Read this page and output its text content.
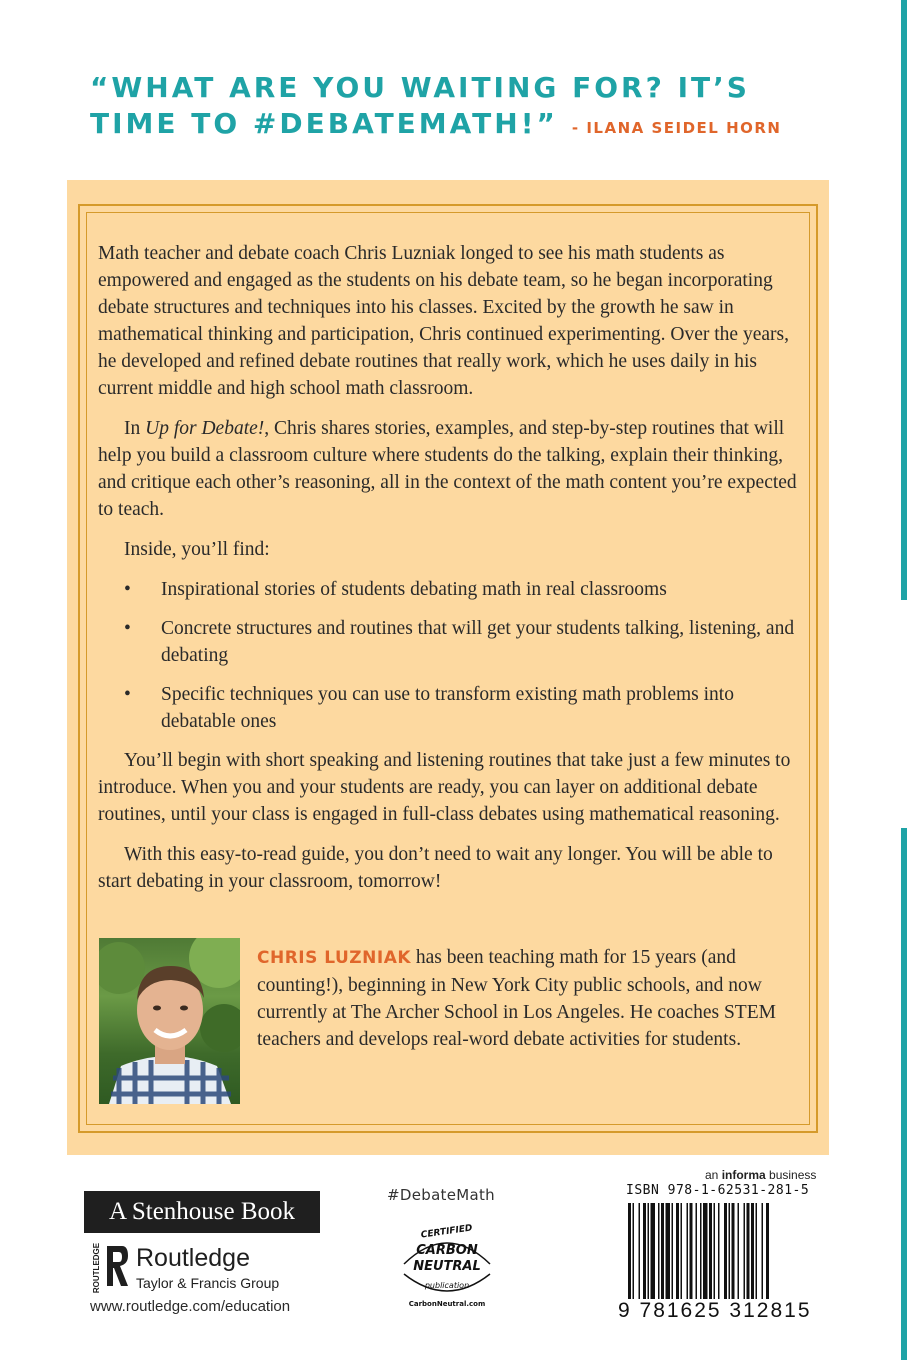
“WHAT ARE YOU WAITING FOR? IT’S TIME TO #DEBATEMATH!” - ILANA SEIDEL HORN

Math teacher and debate coach Chris Luzniak longed to see his math students as empowered and engaged as the students on his debate team, so he began incorporating debate structures and techniques into his classes. Excited by the growth he saw in mathematical thinking and participation, Chris continued experimenting. Over the years, he developed and refined debate routines that really work, which he uses daily in his current middle and high school math classroom.

In Up for Debate!, Chris shares stories, examples, and step-by-step routines that will help you build a classroom culture where students do the talking, explain their thinking, and critique each other’s reasoning, all in the context of the math content you’re expected to teach.

Inside, you’ll find:

• Inspirational stories of students debating math in real classrooms
• Concrete structures and routines that will get your students talking, listening, and debating
• Specific techniques you can use to transform existing math problems into debatable ones

You’ll begin with short speaking and listening routines that take just a few minutes to introduce. When you and your students are ready, you can layer on additional debate routines, until your class is engaged in full-class debates using mathematical reasoning.

With this easy-to-read guide, you don’t need to wait any longer. You will be able to start debating in your classroom, tomorrow!

CHRIS LUZNIAK has been teaching math for 15 years (and counting!), beginning in New York City public schools, and now currently at The Archer School in Los Angeles. He coaches STEM teachers and develops real-word debate activities for students.
A Stenhouse Book
ROUTLEDGE Routledge
Taylor & Francis Group
www.routledge.com/education
#DebateMath
CERTIFIED
CARBON
NEUTRAL
publication
CarbonNeutral.com
an informa business
ISBN 978-1-62531-281-5
9 781625 312815
